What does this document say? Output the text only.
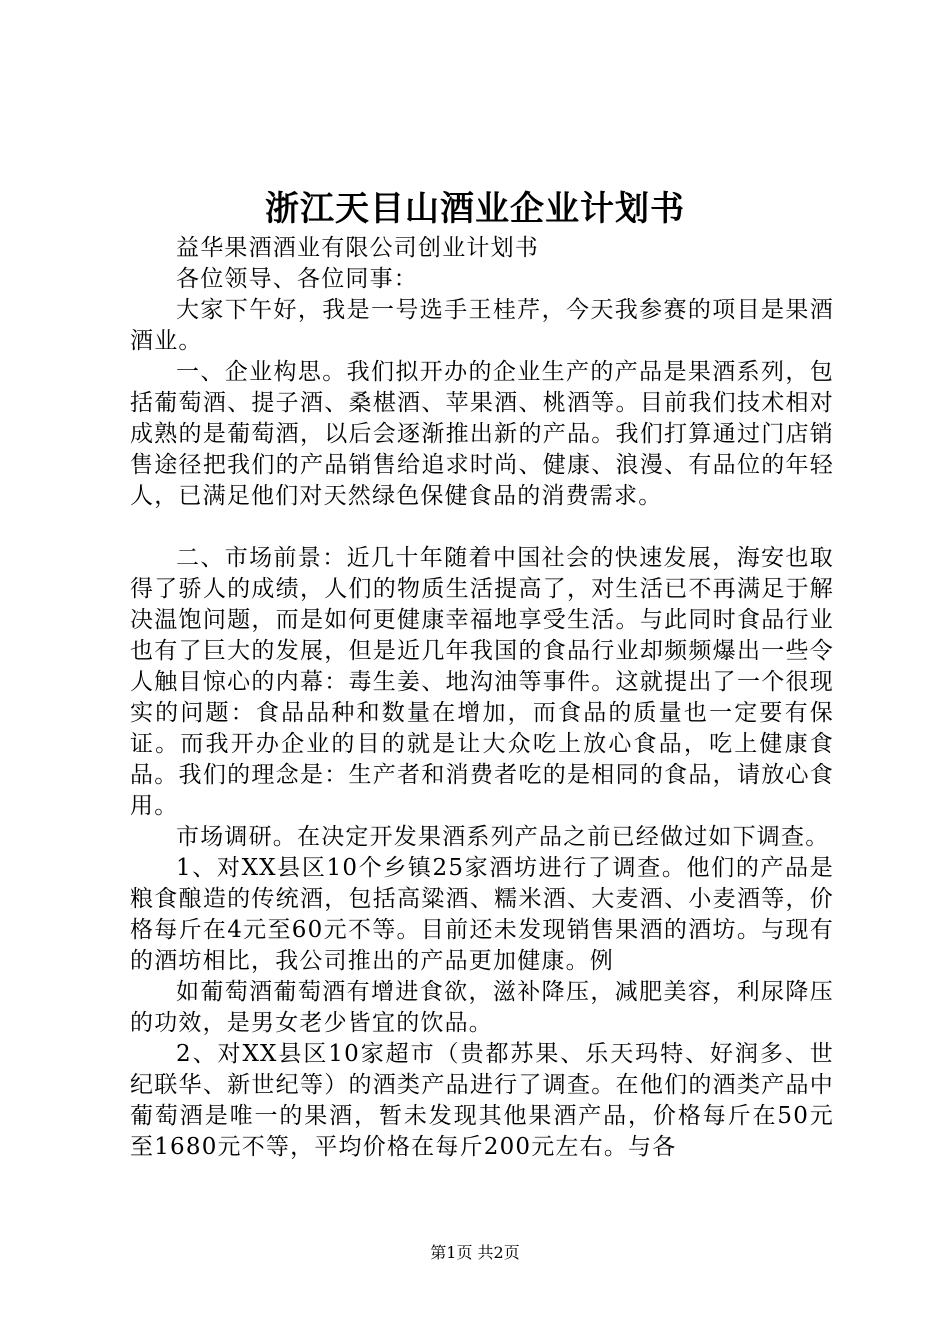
浙江天目山酒业企业计划书

益华果酒酒业有限公司创业计划书

各位领导、各位同事：

大家下午好，我是一号选手王桂芹，今天我参赛的项目是果酒酒业。

一、企业构思。我们拟开办的企业生产的产品是果酒系列，包括葡萄酒、提子酒、桑椹酒、苹果酒、桃酒等。目前我们技术相对成熟的是葡萄酒，以后会逐渐推出新的产品。我们打算通过门店销售途径把我们的产品销售给追求时尚、健康、浪漫、有品位的年轻人，已满足他们对天然绿色保健食品的消费需求。

二、市场前景：近几十年随着中国社会的快速发展，海安也取得了骄人的成绩，人们的物质生活提高了，对生活已不再满足于解决温饱问题，而是如何更健康幸福地享受生活。与此同时食品行业也有了巨大的发展，但是近几年我国的食品行业却频频爆出一些令人触目惊心的内幕：毒生姜、地沟油等事件。这就提出了一个很现实的问题：食品品种和数量在增加，而食品的质量也一定要有保证。而我开办企业的目的就是让大众吃上放心食品，吃上健康食品。我们的理念是：生产者和消费者吃的是相同的食品，请放心食用。

市场调研。在决定开发果酒系列产品之前已经做过如下调查。

1、对XX县区10个乡镇25家酒坊进行了调查。他们的产品是粮食酿造的传统酒，包括高粱酒、糯米酒、大麦酒、小麦酒等，价格每斤在4元至60元不等。目前还未发现销售果酒的酒坊。与现有的酒坊相比，我公司推出的产品更加健康。例

如葡萄酒葡萄酒有增进食欲，滋补降压，减肥美容，利尿降压的功效，是男女老少皆宜的饮品。

2、对XX县区10家超市（贵都苏果、乐天玛特、好润多、世纪联华、新世纪等）的酒类产品进行了调查。在他们的酒类产品中葡萄酒是唯一的果酒，暂未发现其他果酒产品，价格每斤在50元至1680元不等，平均价格在每斤200元左右。与各

第1页 共2页
